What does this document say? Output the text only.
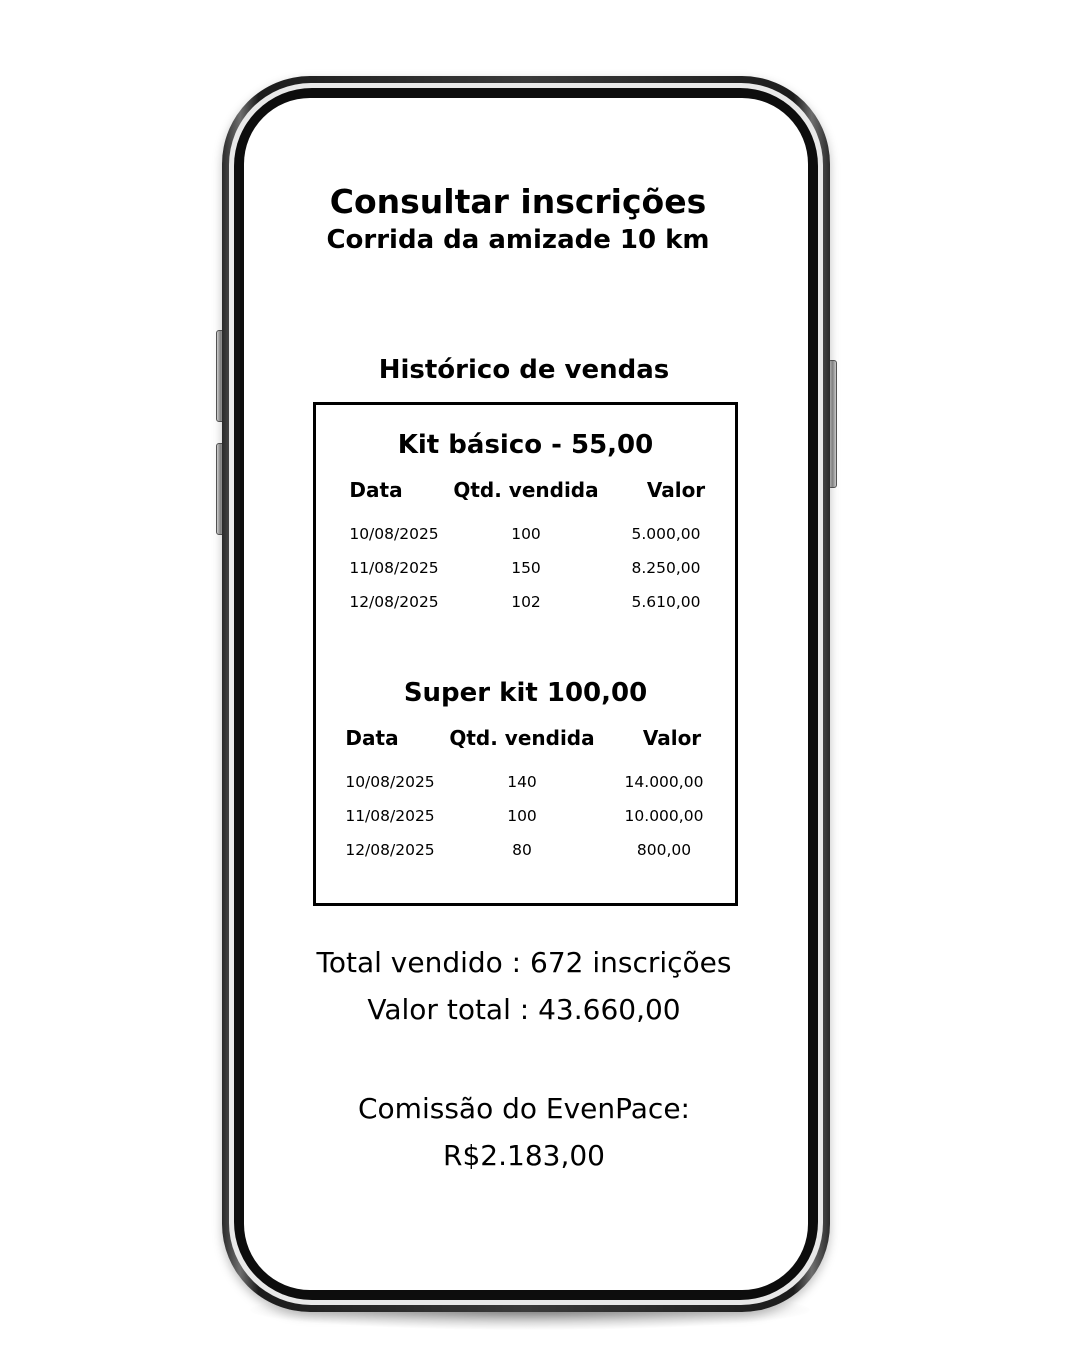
Consultar inscrições
Corrida da amizade 10 km
Histórico de vendas
Kit básico - 55,00
Data	Qtd. vendida	Valor
10/08/2025	100	5.000,00
11/08/2025	150	8.250,00
12/08/2025	102	5.610,00
Super kit 100,00
Data	Qtd. vendida	Valor
10/08/2025	140	14.000,00
11/08/2025	100	10.000,00
12/08/2025	80	800,00
Total vendido : 672 inscrições
Valor total : 43.660,00
Comissão do EvenPace:
R$2.183,00
